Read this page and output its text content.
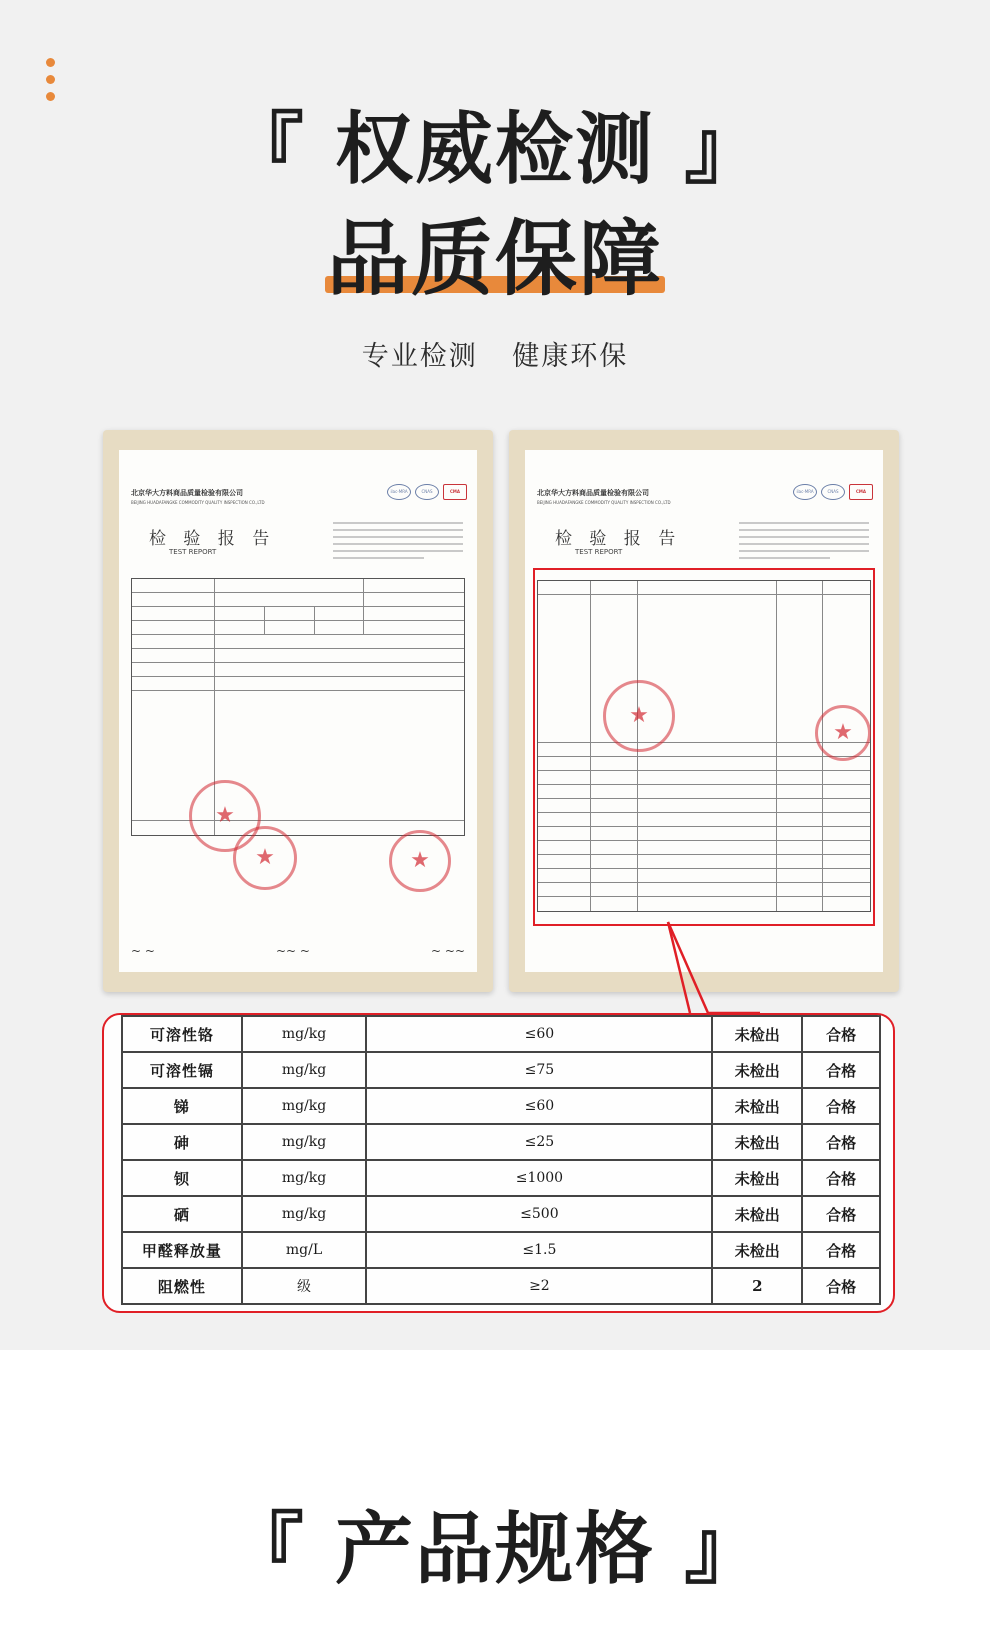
『 权威检测 』
品质保障
专业检测 健康环保
北京华大方料商品质量检验有限公司
BEIJING HUADAFANGKE COMMODITY QUALITY INSPECTION CO.,LTD
ilac-MRA	CNAS	CMA
检 验 报 告
TEST REPORT
★
★	★
~ ~	~~ ~	~ ~~
北京华大方料商品质量检验有限公司
BEIJING HUADAFANGKE COMMODITY QUALITY INSPECTION CO.,LTD
ilac-MRA	CNAS	CMA
检 验 报 告
TEST REPORT
★
★
可溶性铬	mg/kg	≤60	未检出	合格
可溶性镉	mg/kg	≤75	未检出	合格
锑	mg/kg	≤60	未检出	合格
砷	mg/kg	≤25	未检出	合格
钡	mg/kg	≤1000	未检出	合格
硒	mg/kg	≤500	未检出	合格
甲醛释放量	mg/L	≤1.5	未检出	合格
阻燃性	级	≥2	2	合格
『 产品规格 』
